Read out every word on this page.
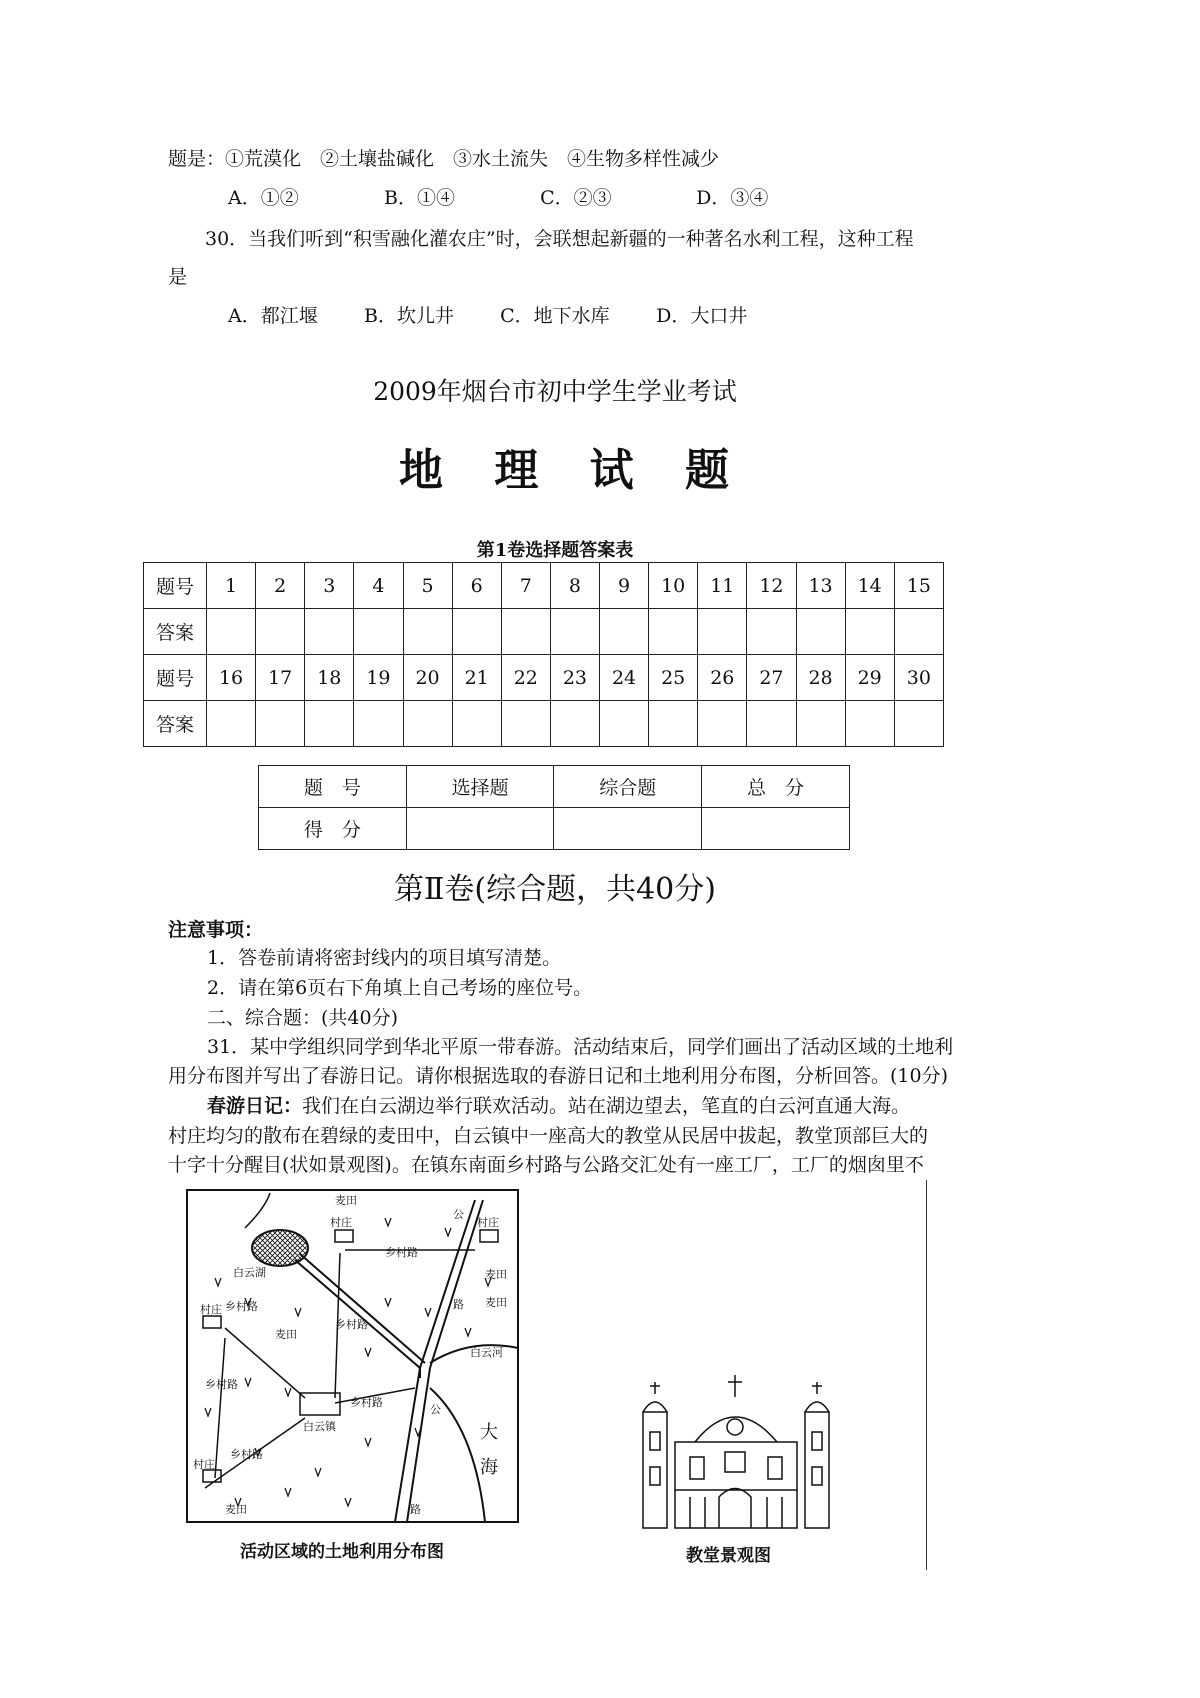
题是：①荒漠化　②土壤盐碱化　③水土流失　④生物多样性减少
A．①②	B．①④	C．②③	D．③④
30．当我们听到“积雪融化灌农庄”时，会联想起新疆的一种著名水利工程，这种工程
是
A．都江堰 B．坎儿井 C．地下水库 D．大口井
2009年烟台市初中学生学业考试
地 理 试 题
第1卷选择题答案表
题号	1	2	3	4	5	6	7	8	9	10	11	12	13	14	15
答案															
题号	16	17	18	19	20	21	22	23	24	25	26	27	28	29	30
答案															
题　号	选择题	综合题	总　分
得　分			
第Ⅱ卷(综合题，共40分)
注意事项：
1．答卷前请将密封线内的项目填写清楚。
2．请在第6页右下角填上自己考场的座位号。
二、综合题：(共40分)
31．某中学组织同学到华北平原一带春游。活动结束后，同学们画出了活动区域的土地利
用分布图并写出了春游日记。请你根据选取的春游日记和土地利用分布图，分析回答。(10分)
春游日记：我们在白云湖边举行联欢活动。站在湖边望去，笔直的白云河直通大海。
村庄均匀的散布在碧绿的麦田中，白云镇中一座高大的教堂从民居中拔起，教堂顶部巨大的
十字十分醒目(状如景观图)。在镇东南面乡村路与公路交汇处有一座工厂，工厂的烟囱里不
麦田
村庄
乡村路
白云湖
乡村路
麦田
村庄
乡村路
麦田
公
路
麦田
白云河
村庄
白云镇
乡村路
大
海
路
麦田
乡村路
村庄
公
乡村路
活动区域的土地利用分布图	教堂景观图
